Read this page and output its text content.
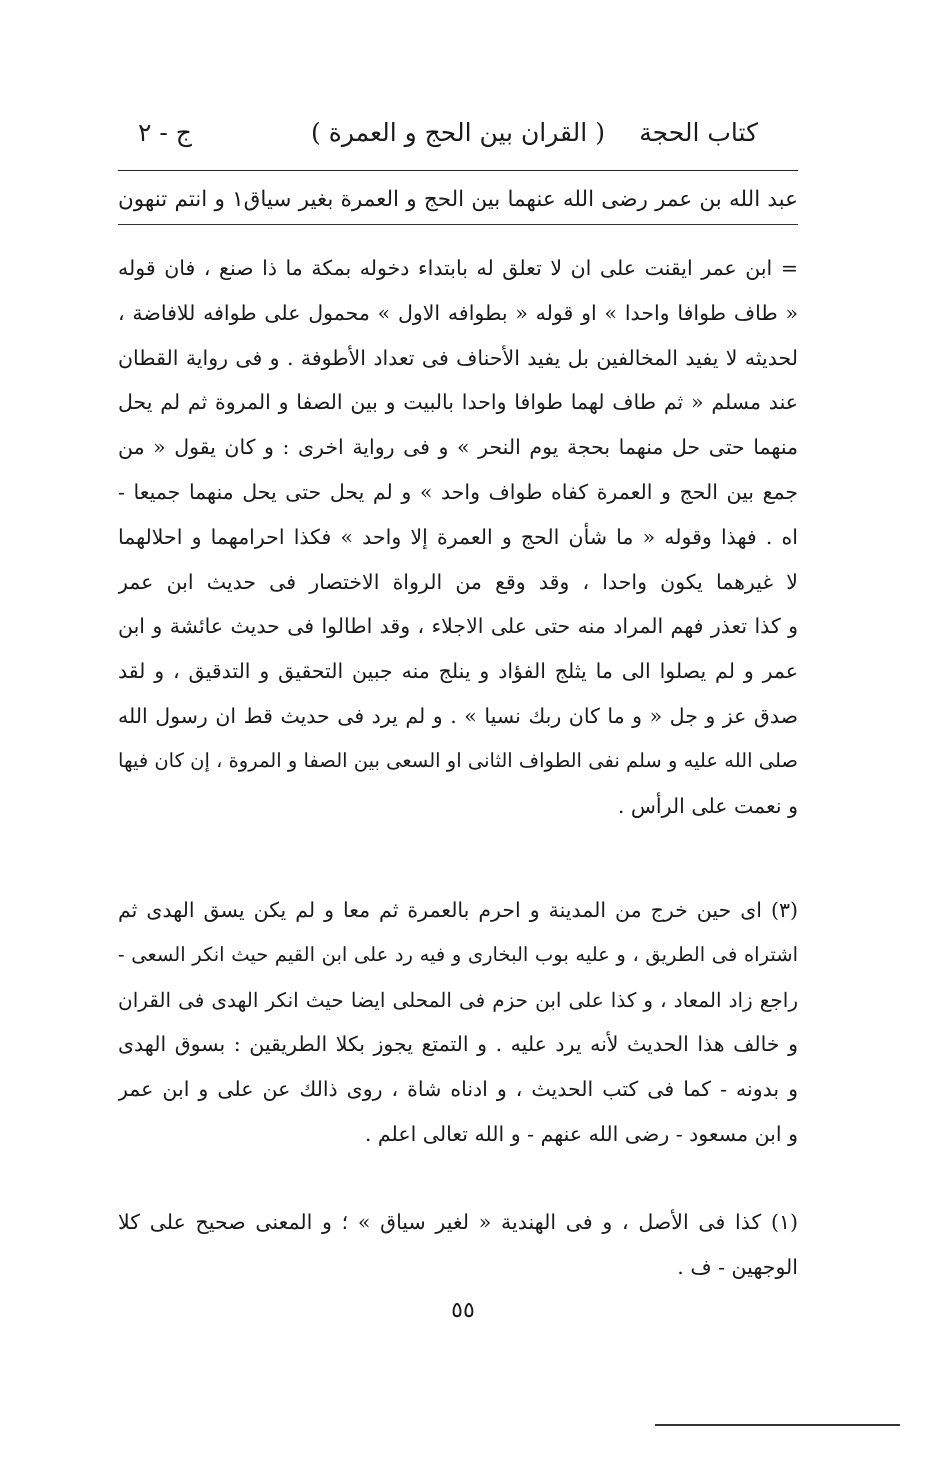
كتاب الحجة
( القران بين الحج و العمرة )
ج - ٢
عبد الله بن عمر رضى الله عنهما بين الحج و العمرة بغير سياق١ و انتم تنهون
= ابن عمر ايقنت على ان لا تعلق له بابتداء دخوله بمكة ما ذا صنع ، فان قوله
« طاف طوافا واحدا » او قوله « بطوافه الاول » محمول على طوافه للافاضة ،
لحديثه لا يفيد المخالفين بل يفيد الأحناف فى تعداد الأطوفة . و فى رواية القطان
عند مسلم « ثم طاف لهما طوافا واحدا بالبيت و بين الصفا و المروة ثم لم يحل
منهما حتى حل منهما بحجة يوم النحر » و فى رواية اخرى : و كان يقول « من
جمع بين الحج و العمرة كفاه طواف واحد » و لم يحل حتى يحل منهما جميعا -
اه . فهذا وقوله « ما شأن الحج و العمرة إلا واحد » فكذا احرامهما و احلالهما
لا غيرهما يكون واحدا ، وقد وقع من الرواة الاختصار فى حديث ابن عمر
و كذا تعذر فهم المراد منه حتى على الاجلاء ، وقد اطالوا فى حديث عائشة و ابن
عمر و لم يصلوا الى ما يثلج الفؤاد و ينلج منه جبين التحقيق و التدقيق ، و لقد
صدق عز و جل « و ما كان ربك نسيا » . و لم يرد فى حديث قط ان رسول الله
صلى الله عليه و سلم نفى الطواف الثانى او السعى بين الصفا و المروة ، إن كان فيها
و نعمت على الرأس .
(٣) اى حين خرج من المدينة و احرم بالعمرة ثم معا و لم يكن يسق الهدى ثم
اشتراه فى الطريق ، و عليه بوب البخارى و فيه رد على ابن القيم حيث انكر السعى -
راجع زاد المعاد ، و كذا على ابن حزم فى المحلى ايضا حيث انكر الهدى فى القران
و خالف هذا الحديث لأنه يرد عليه . و التمتع يجوز بكلا الطريقين : بسوق الهدى
و بدونه - كما فى كتب الحديث ، و ادناه شاة ، روى ذالك عن على و ابن عمر
و ابن مسعود - رضى الله عنهم - و الله تعالى اعلم .
(١) كذا فى الأصل ، و فى الهندية « لغير سياق » ؛ و المعنى صحيح على كلا
الوجهين - ف .
٥٥
